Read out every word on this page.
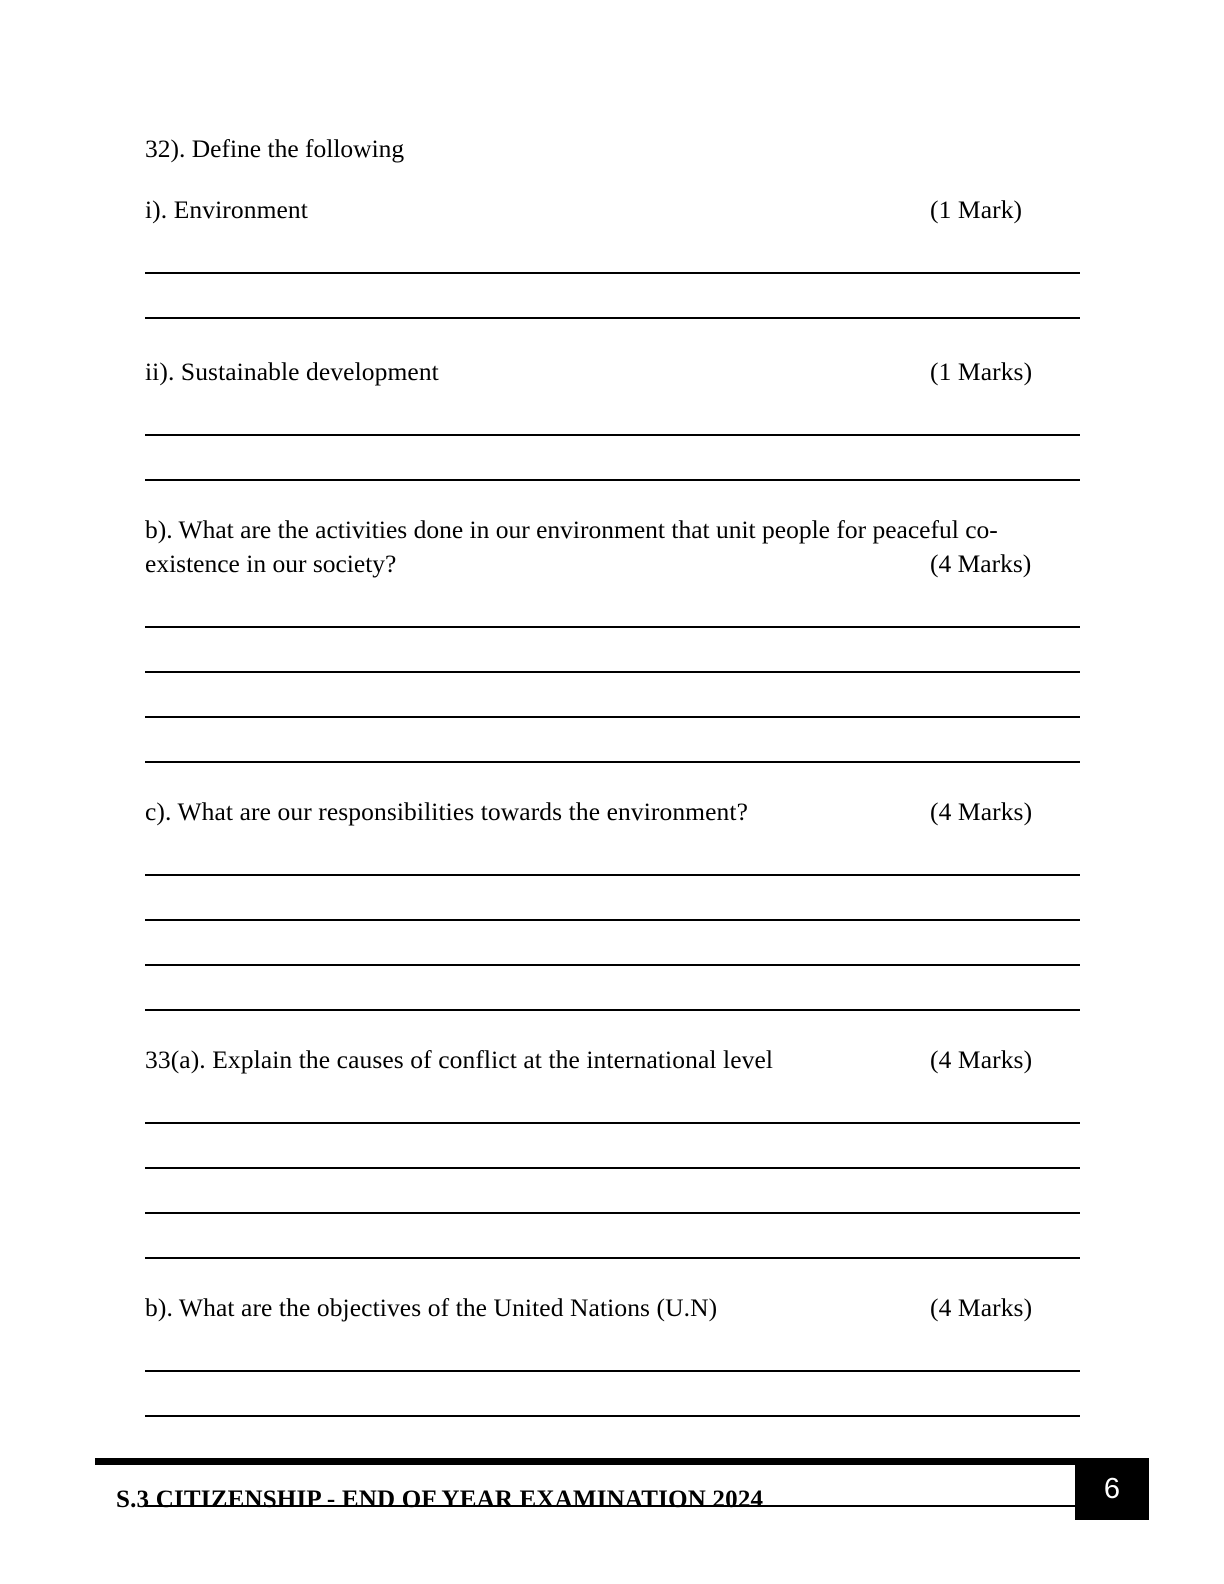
32). Define the following
i). Environment	(1 Mark)
ii). Sustainable development	(1 Marks)
b). What are the activities done in our environment that unit people for peaceful co-existence in our society?	(4 Marks)
c). What are our responsibilities towards the environment?	(4 Marks)
33(a). Explain the causes of conflict at the international level	(4 Marks)
b). What are the objectives of the United Nations (U.N)	(4 Marks)
S.3 CITIZENSHIP - END OF YEAR EXAMINATION 2024	6
